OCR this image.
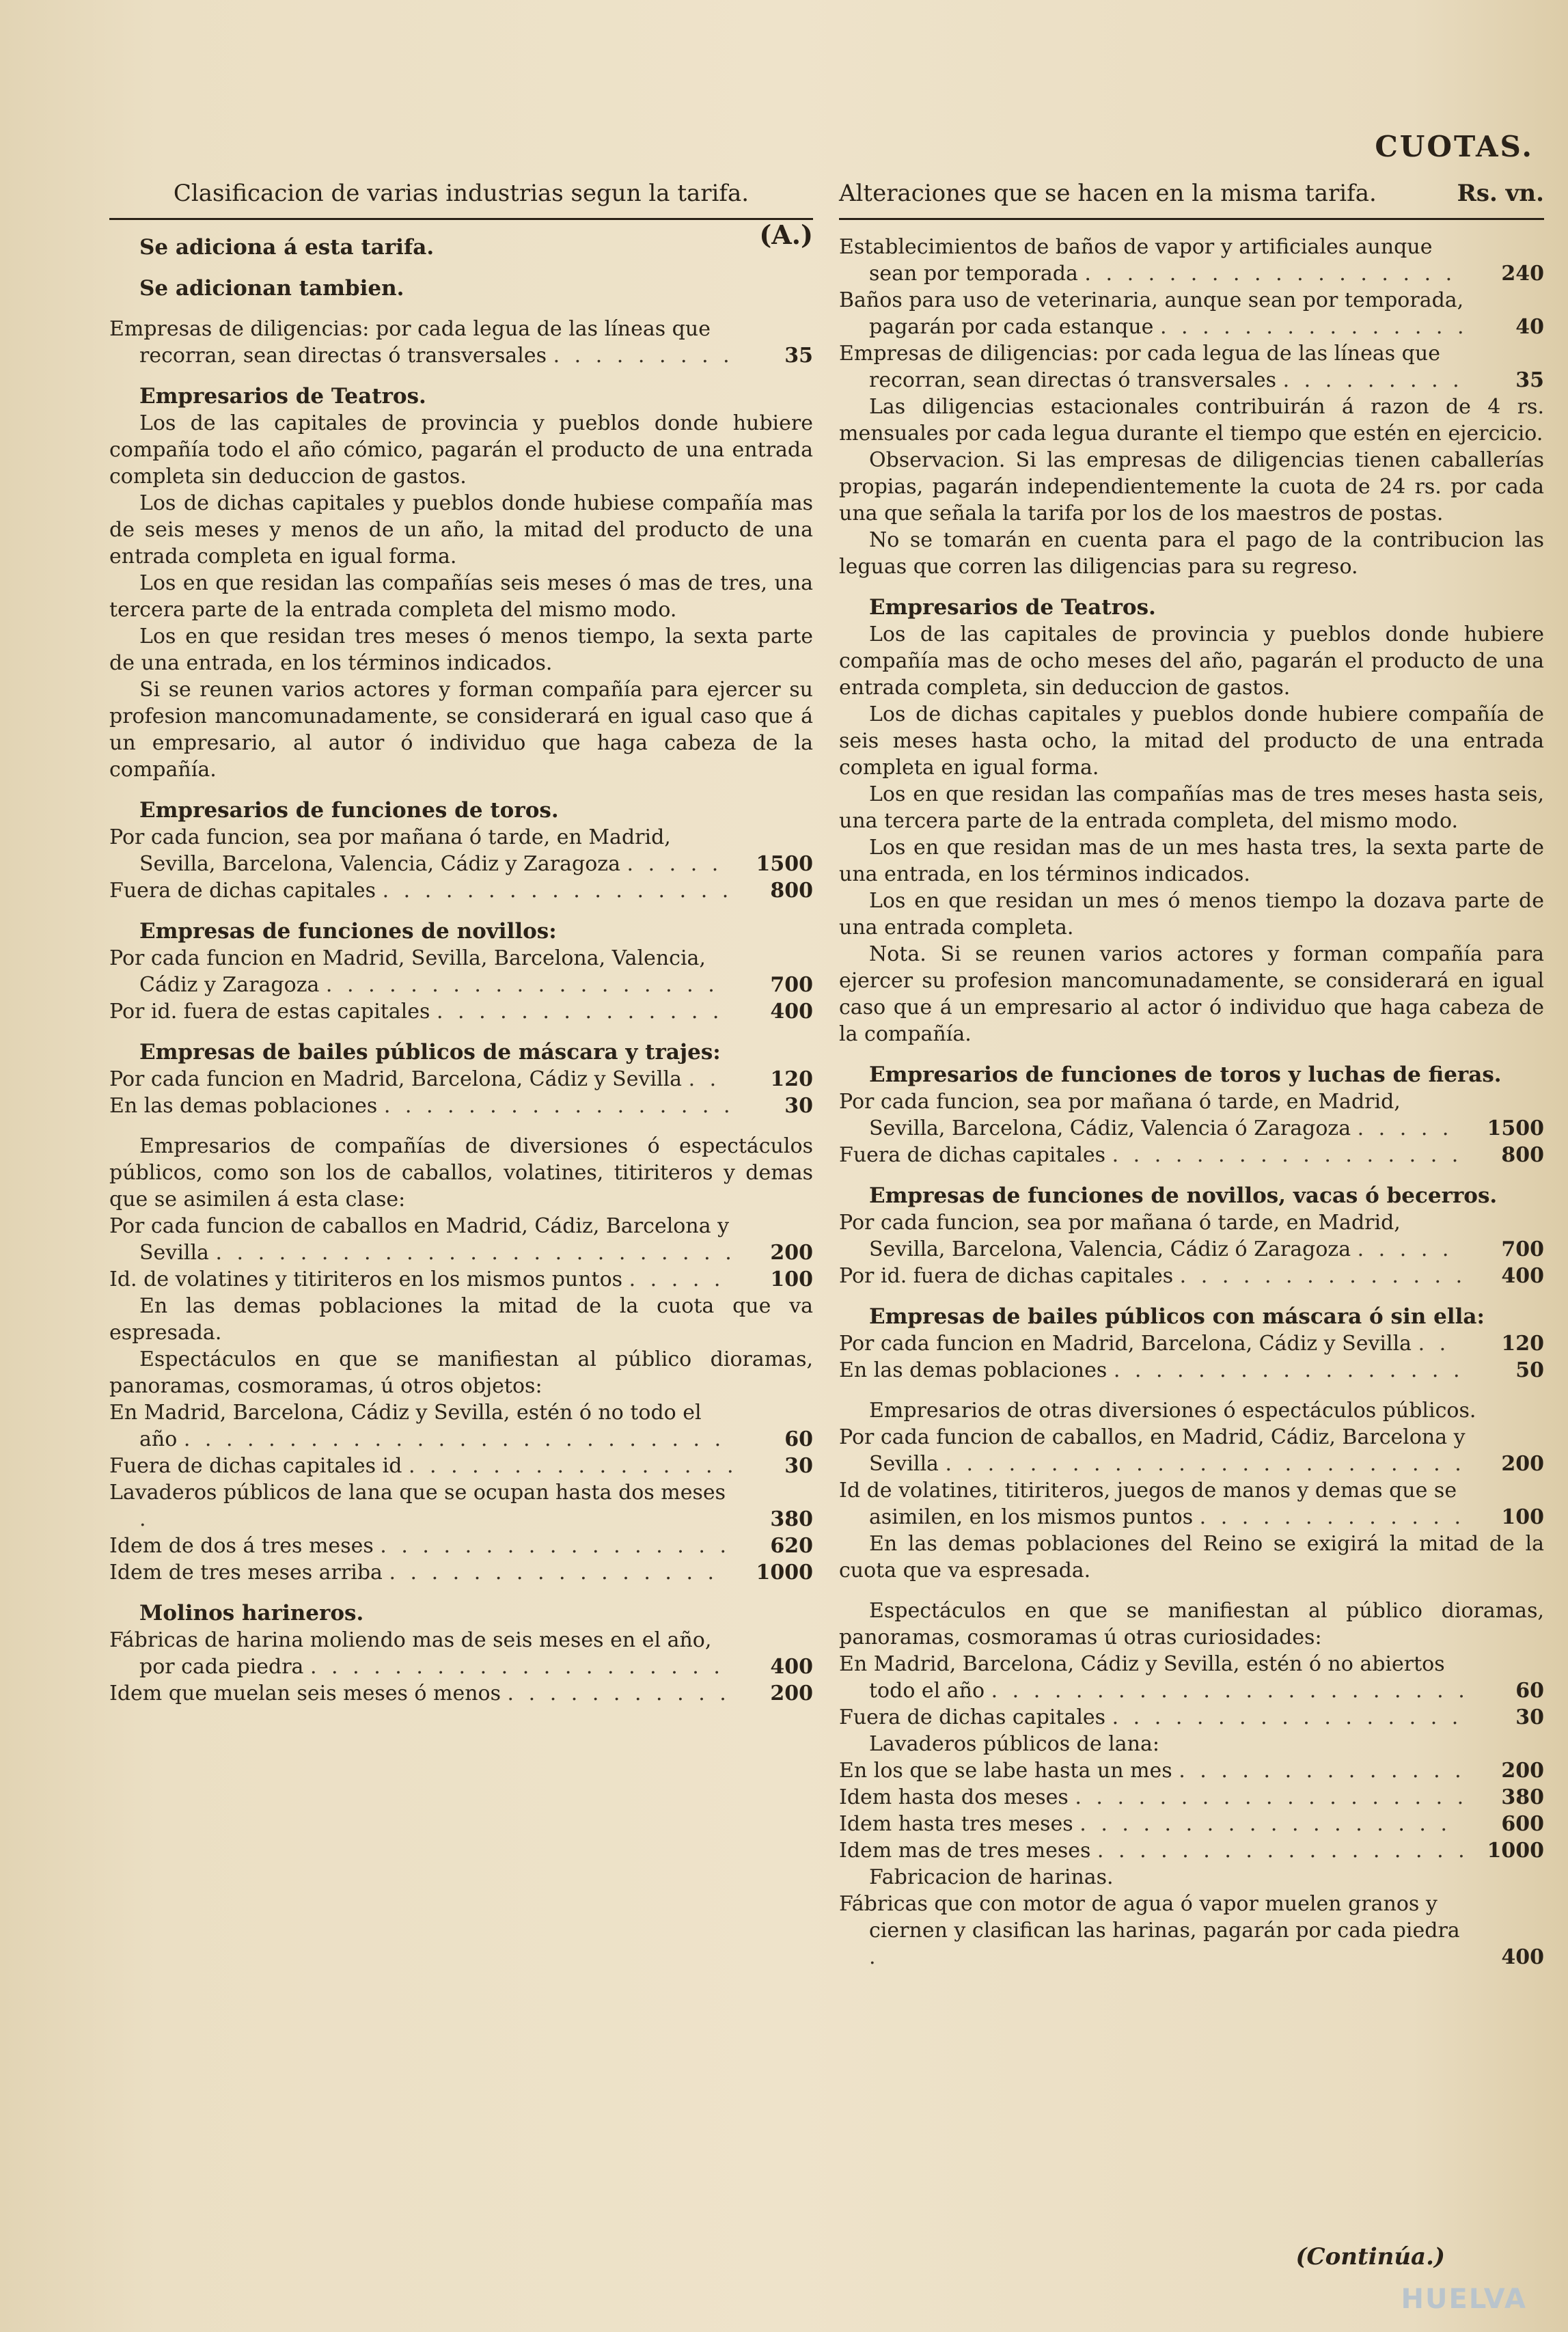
CUOTAS.
Clasificacion de varias industrias segun la tarifa.
(A.)
Se adiciona á esta tarifa.
Se adicionan tambien.
Empresas de diligencias: por cada legua de las líneas que recorran, sean directas ó transversales . . . . . . . . .	35
Empresarios de Teatros.
Los de las capitales de provincia y pueblos donde hubiere compañía todo el año cómico, pagarán el producto de una entrada completa sin deduccion de gastos.
Los de dichas capitales y pueblos donde hubiese compañía mas de seis meses y menos de un año, la mitad del producto de una entrada completa en igual forma.
Los en que residan las compañías seis meses ó mas de tres, una tercera parte de la entrada completa del mismo modo.
Los en que residan tres meses ó menos tiempo, la sexta parte de una entrada, en los términos indicados.
Si se reunen varios actores y forman compañía para ejercer su profesion mancomunadamente, se considerará en igual caso que á un empresario, al autor ó individuo que haga cabeza de la compañía.
Empresarios de funciones de toros.
Por cada funcion, sea por mañana ó tarde, en Madrid, Sevilla, Barcelona, Valencia, Cádiz y Zaragoza . . . . .	1500
Fuera de dichas capitales . . . . . . . . . . . . . . . . .	800
Empresas de funciones de novillos:
Por cada funcion en Madrid, Sevilla, Barcelona, Valencia, Cádiz y Zaragoza . . . . . . . . . . . . . . . . . . .	700
Por id. fuera de estas capitales . . . . . . . . . . . . . .	400
Empresas de bailes públicos de máscara y trajes:
Por cada funcion en Madrid, Barcelona, Cádiz y Sevilla . .	120
En las demas poblaciones . . . . . . . . . . . . . . . . .	30
Empresarios de compañías de diversiones ó espectáculos públicos, como son los de caballos, volatines, titiriteros y demas que se asimilen á esta clase:
Por cada funcion de caballos en Madrid, Cádiz, Barcelona y Sevilla . . . . . . . . . . . . . . . . . . . . . . . . .	200
Id. de volatines y titiriteros en los mismos puntos . . . . .	100
En las demas poblaciones la mitad de la cuota que va espresada.
Espectáculos en que se manifiestan al público dioramas, panoramas, cosmoramas, ú otros objetos:
En Madrid, Barcelona, Cádiz y Sevilla, estén ó no todo el año . . . . . . . . . . . . . . . . . . . . . . . . . .	60
Fuera de dichas capitales id . . . . . . . . . . . . . . . .	30
Lavaderos públicos de lana que se ocupan hasta dos meses .	380
Idem de dos á tres meses . . . . . . . . . . . . . . . . .	620
Idem de tres meses arriba . . . . . . . . . . . . . . . .	1000
Molinos harineros.
Fábricas de harina moliendo mas de seis meses en el año, por cada piedra . . . . . . . . . . . . . . . . . . . .	400
Idem que muelan seis meses ó menos . . . . . . . . . . .	200
Alteraciones que se hacen en la misma tarifa.	Rs. vn.
Establecimientos de baños de vapor y artificiales aunque sean por temporada . . . . . . . . . . . . . . . . . .	240
Baños para uso de veterinaria, aunque sean por temporada, pagarán por cada estanque . . . . . . . . . . . . . . .	40
Empresas de diligencias: por cada legua de las líneas que recorran, sean directas ó transversales . . . . . . . . .	35
Las diligencias estacionales contribuirán á razon de 4 rs. mensuales por cada legua durante el tiempo que estén en ejercicio.
Observacion. Si las empresas de diligencias tienen caballerías propias, pagarán independientemente la cuota de 24 rs. por cada una que señala la tarifa por los de los maestros de postas.
No se tomarán en cuenta para el pago de la contribucion las leguas que corren las diligencias para su regreso.
Empresarios de Teatros.
Los de las capitales de provincia y pueblos donde hubiere compañía mas de ocho meses del año, pagarán el producto de una entrada completa, sin deduccion de gastos.
Los de dichas capitales y pueblos donde hubiere compañía de seis meses hasta ocho, la mitad del producto de una entrada completa en igual forma.
Los en que residan las compañías mas de tres meses hasta seis, una tercera parte de la entrada completa, del mismo modo.
Los en que residan mas de un mes hasta tres, la sexta parte de una entrada, en los términos indicados.
Los en que residan un mes ó menos tiempo la dozava parte de una entrada completa.
Nota. Si se reunen varios actores y forman compañía para ejercer su profesion mancomunadamente, se considerará en igual caso que á un empresario al actor ó individuo que haga cabeza de la compañía.
Empresarios de funciones de toros y luchas de fieras.
Por cada funcion, sea por mañana ó tarde, en Madrid, Sevilla, Barcelona, Cádiz, Valencia ó Zaragoza . . . . .	1500
Fuera de dichas capitales . . . . . . . . . . . . . . . . .	800
Empresas de funciones de novillos, vacas ó becerros.
Por cada funcion, sea por mañana ó tarde, en Madrid, Sevilla, Barcelona, Valencia, Cádiz ó Zaragoza . . . . .	700
Por id. fuera de dichas capitales . . . . . . . . . . . . . .	400
Empresas de bailes públicos con máscara ó sin ella:
Por cada funcion en Madrid, Barcelona, Cádiz y Sevilla . .	120
En las demas poblaciones . . . . . . . . . . . . . . . . .	50
Empresarios de otras diversiones ó espectáculos públicos.
Por cada funcion de caballos, en Madrid, Cádiz, Barcelona y Sevilla . . . . . . . . . . . . . . . . . . . . . . . . .	200
Id de volatines, titiriteros, juegos de manos y demas que se asimilen, en los mismos puntos . . . . . . . . . . . . .	100
En las demas poblaciones del Reino se exigirá la mitad de la cuota que va espresada.
Espectáculos en que se manifiestan al público dioramas, panoramas, cosmoramas ú otras curiosidades:
En Madrid, Barcelona, Cádiz y Sevilla, estén ó no abiertos todo el año . . . . . . . . . . . . . . . . . . . . . . .	60
Fuera de dichas capitales . . . . . . . . . . . . . . . . .	30
Lavaderos públicos de lana:
En los que se labe hasta un mes . . . . . . . . . . . . . .	200
Idem hasta dos meses . . . . . . . . . . . . . . . . . . .	380
Idem hasta tres meses . . . . . . . . . . . . . . . . . .	600
Idem mas de tres meses . . . . . . . . . . . . . . . . . . 1000
Fabricacion de harinas.
Fábricas que con motor de agua ó vapor muelen granos y ciernen y clasifican las harinas, pagarán por cada piedra .	400
(Continúa.)
HUELVA
